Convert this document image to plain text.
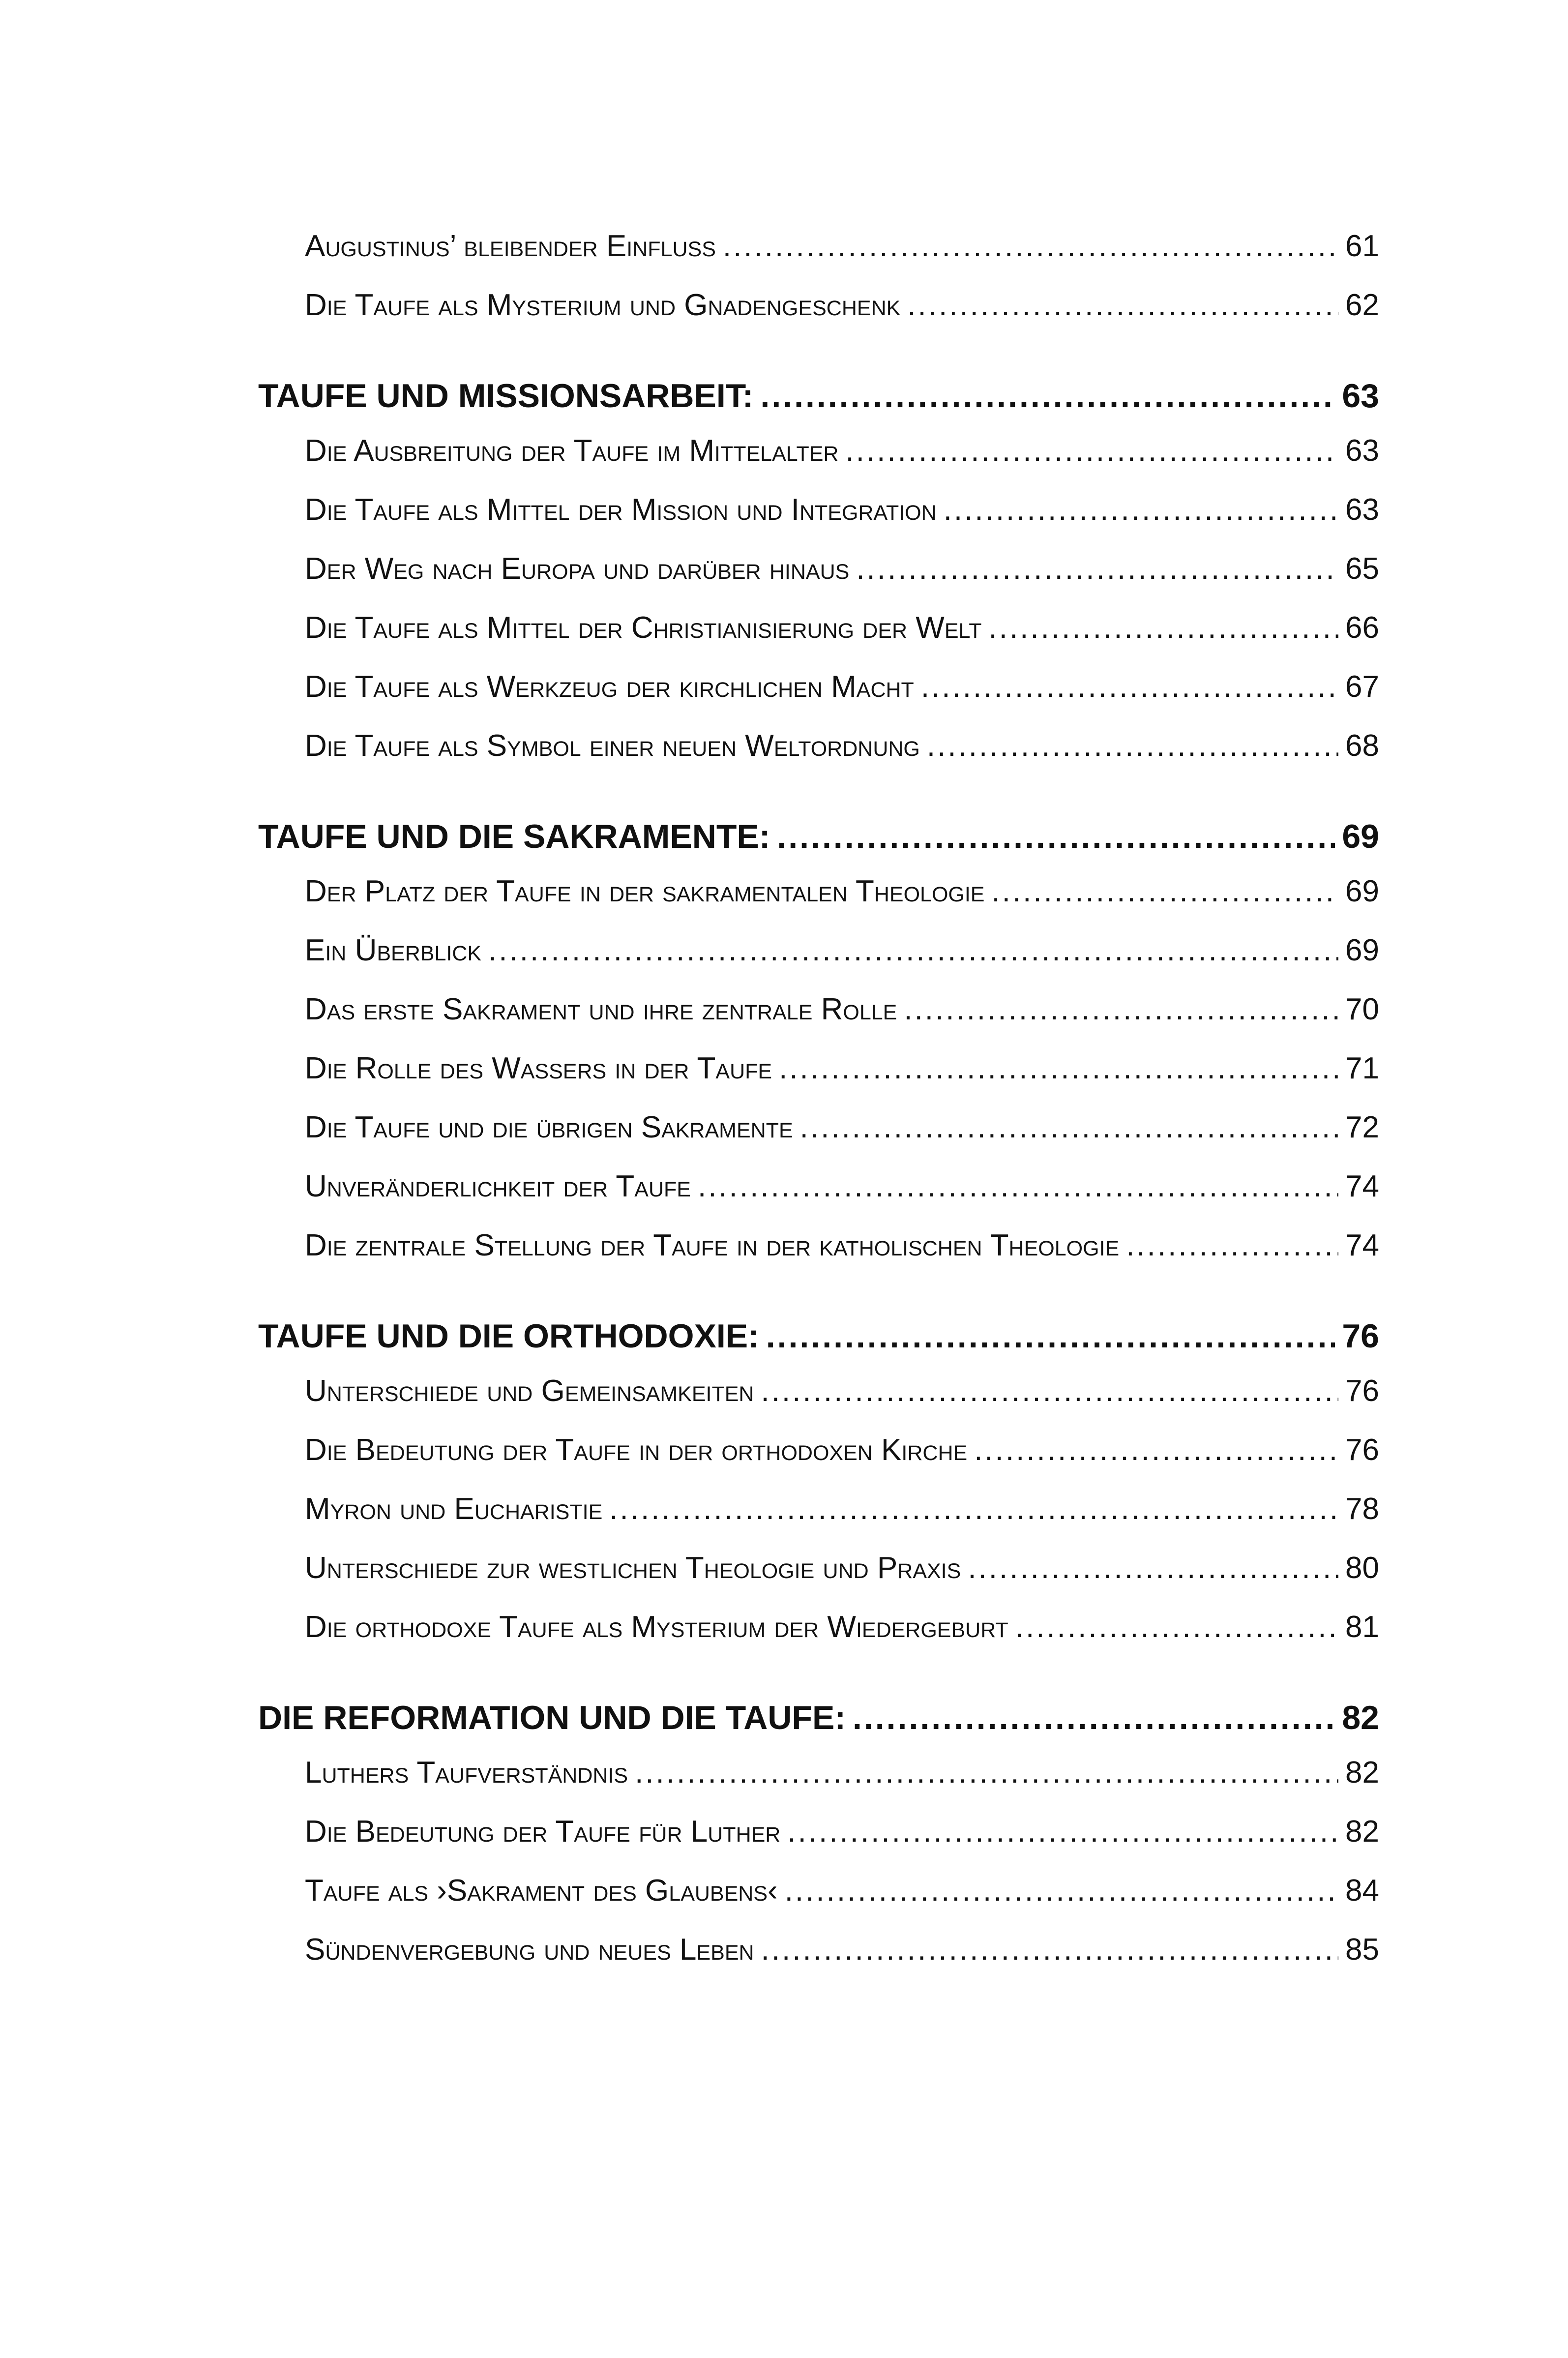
Augustinus’ bleibender Einfluss .....	61
Die Taufe als Mysterium und Gnadengeschenk .....	62
TAUFE UND MISSIONSARBEIT: .....	63
Die Ausbreitung der Taufe im Mittelalter .....	63
Die Taufe als Mittel der Mission und Integration .....	63
Der Weg nach Europa und darüber hinaus .....	65
Die Taufe als Mittel der Christianisierung der Welt .....	66
Die Taufe als Werkzeug der kirchlichen Macht .....	67
Die Taufe als Symbol einer neuen Weltordnung .....	68
TAUFE UND DIE SAKRAMENTE: .....	69
Der Platz der Taufe in der sakramentalen Theologie .....	69
Ein Überblick .....	69
Das erste Sakrament und ihre zentrale Rolle .....	70
Die Rolle des Wassers in der Taufe .....	71
Die Taufe und die übrigen Sakramente .....	72
Unveränderlichkeit der Taufe .....	74
Die zentrale Stellung der Taufe in der katholischen Theologie .....	74
TAUFE UND DIE ORTHODOXIE: .....	76
Unterschiede und Gemeinsamkeiten .....	76
Die Bedeutung der Taufe in der orthodoxen Kirche .....	76
Myron und Eucharistie .....	78
Unterschiede zur westlichen Theologie und Praxis .....	80
Die orthodoxe Taufe als Mysterium der Wiedergeburt .....	81
DIE REFORMATION UND DIE TAUFE: .....	82
Luthers Taufverständnis .....	82
Die Bedeutung der Taufe für Luther .....	82
Taufe als ›Sakrament des Glaubens‹ .....	84
Sündenvergebung und neues Leben .....	85
